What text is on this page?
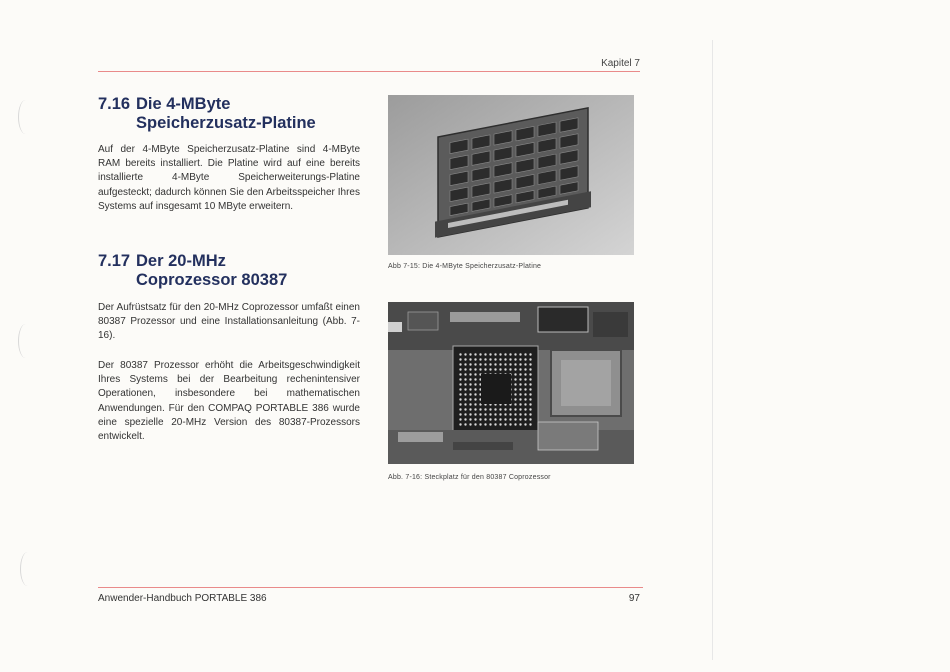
Kapitel 7
7.16 Die 4-MByte
Speicherzusatz-Platine

Auf der 4-MByte Speicherzusatz-Platine sind 4-MByte RAM bereits installiert. Die Platine wird auf eine bereits installierte 4-MByte Speicherweiterungs-Platine aufgesteckt; dadurch können Sie den Arbeitsspeicher Ihres Systems auf insgesamt 10 MByte erweitern.

7.17 Der 20-MHz
Coprozessor 80387

Der Aufrüstsatz für den 20-MHz Coprozessor umfaßt einen 80387 Prozessor und eine Installationsanleitung (Abb. 7-16).

Der 80387 Prozessor erhöht die Arbeitsgeschwindigkeit Ihres Systems bei der Bearbeitung rechenintensiver Operationen, insbesondere bei mathematischen Anwendungen. Für den COMPAQ PORTABLE 386 wurde eine spezielle 20-MHz Version des 80387-Prozessors entwickelt.

Abb 7-15: Die 4-MByte Speicherzusatz-Platine
Abb. 7-16: Steckplatz für den 80387 Coprozessor
Anwender-Handbuch PORTABLE 386	97
